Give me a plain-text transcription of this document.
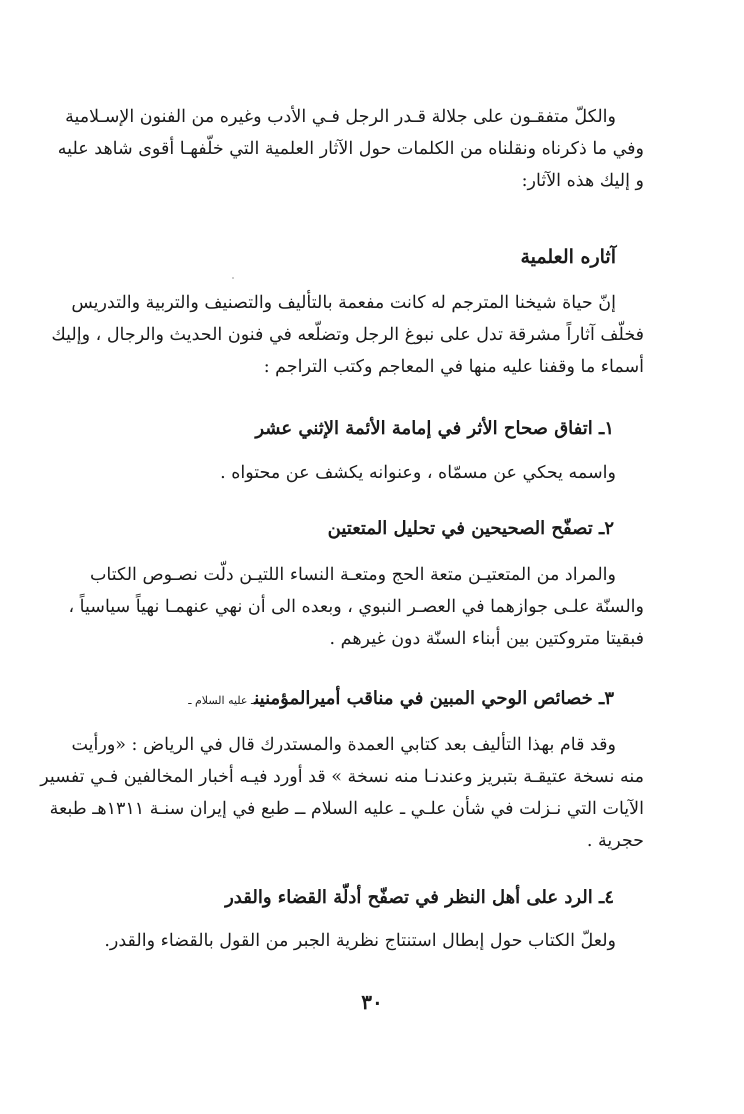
والكلّ متفقـون على جلالة قـدر الرجل فـي الأدب وغيره من الفنون الإسـلامية
وفي ما ذكرناه ونقلناه من الكلمات حول الآثار العلمية التي خلّفهـا أقوى شاهد عليه
و إليك هذه الآثار:
آثاره العلمية
إنّ حياة شيخنا المترجم له كانت مفعمة بالتأليف والتصنيف والتربية والتدريس
فخلّف آثاراً مشرقة تدل على نبوغ الرجل وتضلّعه في فنون الحديث والرجال ، وإليك
أسماء ما وقفنا عليه منها في المعاجم وكتب التراجم :
١ـ اتفاق صحاح الأثر في إمامة الأئمة الإثني عشر
واسمه يحكي عن مسمّاه ، وعنوانه يكشف عن محتواه .
٢ـ تصفّح الصحيحين في تحليل المتعتين
والمراد من المتعتيـن متعة الحج ومتعـة النساء اللتيـن دلّت نصـوص الكتاب
والسنّة علـى جوازهما في العصـر النبوي ، وبعده الى أن نهي عنهمـا نهياً سياسياً ،
فبقيتا متروكتين بين أبناء السنّة دون غيرهم .
٣ـ خصائص الوحي المبين في مناقب أميرالمؤمنينـ عليه السلام ـ
وقد قام بهذا التأليف بعد كتابي العمدة والمستدرك قال في الرياض : «ورأيت
منه نسخة عتيقـة بتبريز وعندنـا منه نسخة » قد أورد فيـه أخبار المخالفين فـي تفسير
الآيات التي نـزلت في شأن علـي ـ عليه السلام ــ طبع في إيران سنـة ١٣١١هـ طبعة
حجرية .
٤ـ الرد على أهل النظر في تصفّح أدلّة القضاء والقدر
ولعلّ الكتاب حول إبطال استنتاج نظرية الجبر من القول بالقضاء والقدر.
٣٠
